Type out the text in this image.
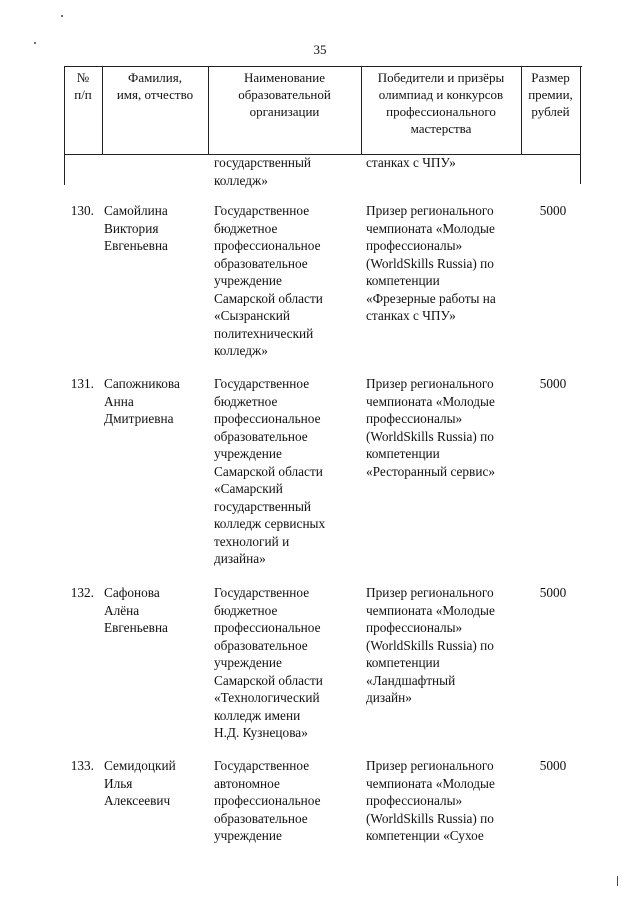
35
№
п/п
Фамилия,
имя, отчество
Наименование
образовательной
организации
Победители и призёры
олимпиад и конкурсов
профессионального
мастерства
Размер
премии,
рублей
государственный
колледж»
станках с ЧПУ»
130. Самойлина
Виктория
Евгеньевна
Государственное
бюджетное
профессиональное
образовательное
учреждение
Самарской области
«Сызранский
политехнический
колледж»
Призер регионального
чемпионата «Молодые
профессионалы»
(WorldSkills Russia) по
компетенции
«Фрезерные работы на
станках с ЧПУ»
5000
131. Сапожникова
Анна
Дмитриевна
Государственное
бюджетное
профессиональное
образовательное
учреждение
Самарской области
«Самарский
государственный
колледж сервисных
технологий и
дизайна»
Призер регионального
чемпионата «Молодые
профессионалы»
(WorldSkills Russia) по
компетенции
«Ресторанный сервис»
5000
132. Сафонова
Алёна
Евгеньевна
Государственное
бюджетное
профессиональное
образовательное
учреждение
Самарской области
«Технологический
колледж имени
Н.Д. Кузнецова»
Призер регионального
чемпионата «Молодые
профессионалы»
(WorldSkills Russia) по
компетенции
«Ландшафтный
дизайн»
5000
133. Семидоцкий
Илья
Алексеевич
Государственное
автономное
профессиональное
образовательное
учреждение
Призер регионального
чемпионата «Молодые
профессионалы»
(WorldSkills Russia) по
компетенции «Сухое
5000
